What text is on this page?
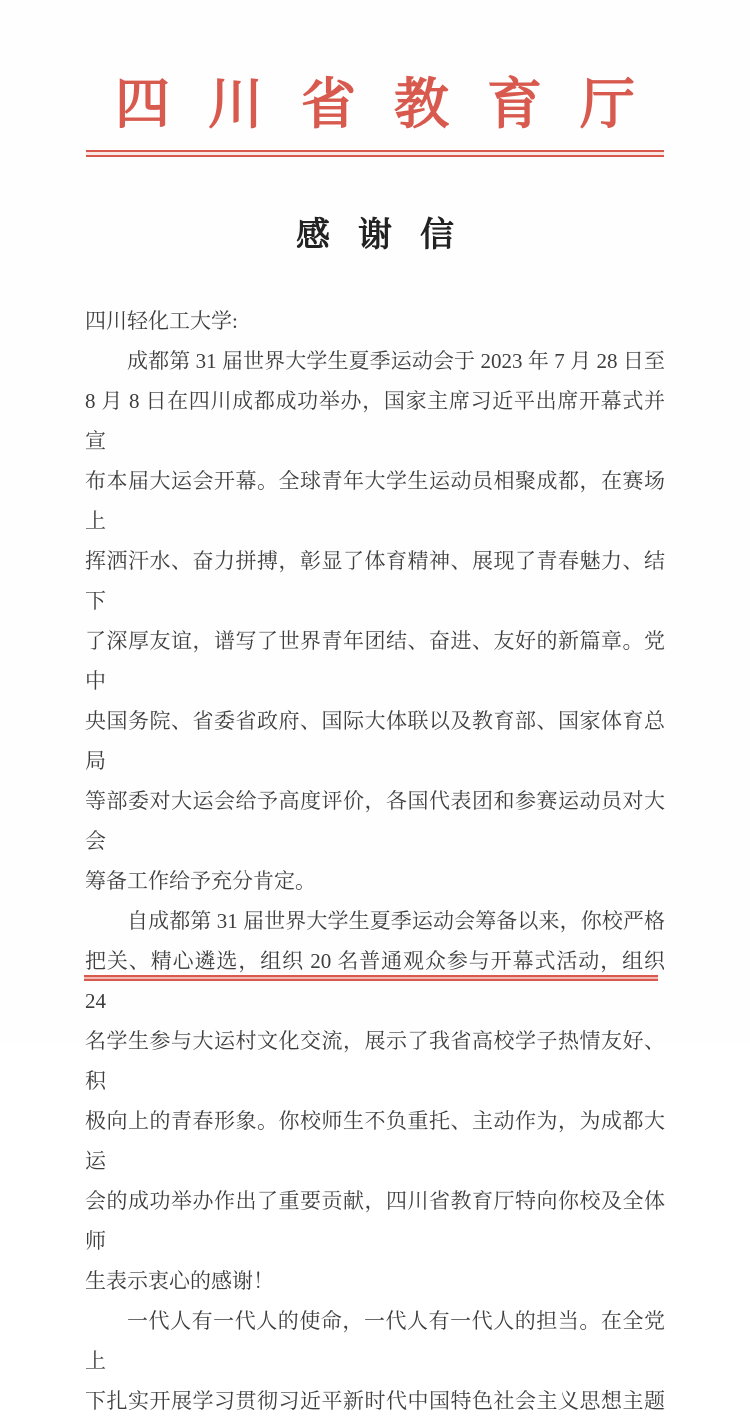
四川省教育厅
感谢信
四川轻化工大学:
成都第 31 届世界大学生夏季运动会于 2023 年 7 月 28 日至
8 月 8 日在四川成都成功举办，国家主席习近平出席开幕式并宣
布本届大运会开幕。全球青年大学生运动员相聚成都，在赛场上
挥洒汗水、奋力拼搏，彰显了体育精神、展现了青春魅力、结下
了深厚友谊，谱写了世界青年团结、奋进、友好的新篇章。党中
央国务院、省委省政府、国际大体联以及教育部、国家体育总局
等部委对大运会给予高度评价，各国代表团和参赛运动员对大会
筹备工作给予充分肯定。
自成都第 31 届世界大学生夏季运动会筹备以来，你校严格
把关、精心遴选，组织 20 名普通观众参与开幕式活动，组织 24
名学生参与大运村文化交流，展示了我省高校学子热情友好、积
极向上的青春形象。你校师生不负重托、主动作为，为成都大运
会的成功举办作出了重要贡献，四川省教育厅特向你校及全体师
生表示衷心的感谢！
一代人有一代人的使命，一代人有一代人的担当。在全党上
下扎实开展学习贯彻习近平新时代中国特色社会主义思想主题
